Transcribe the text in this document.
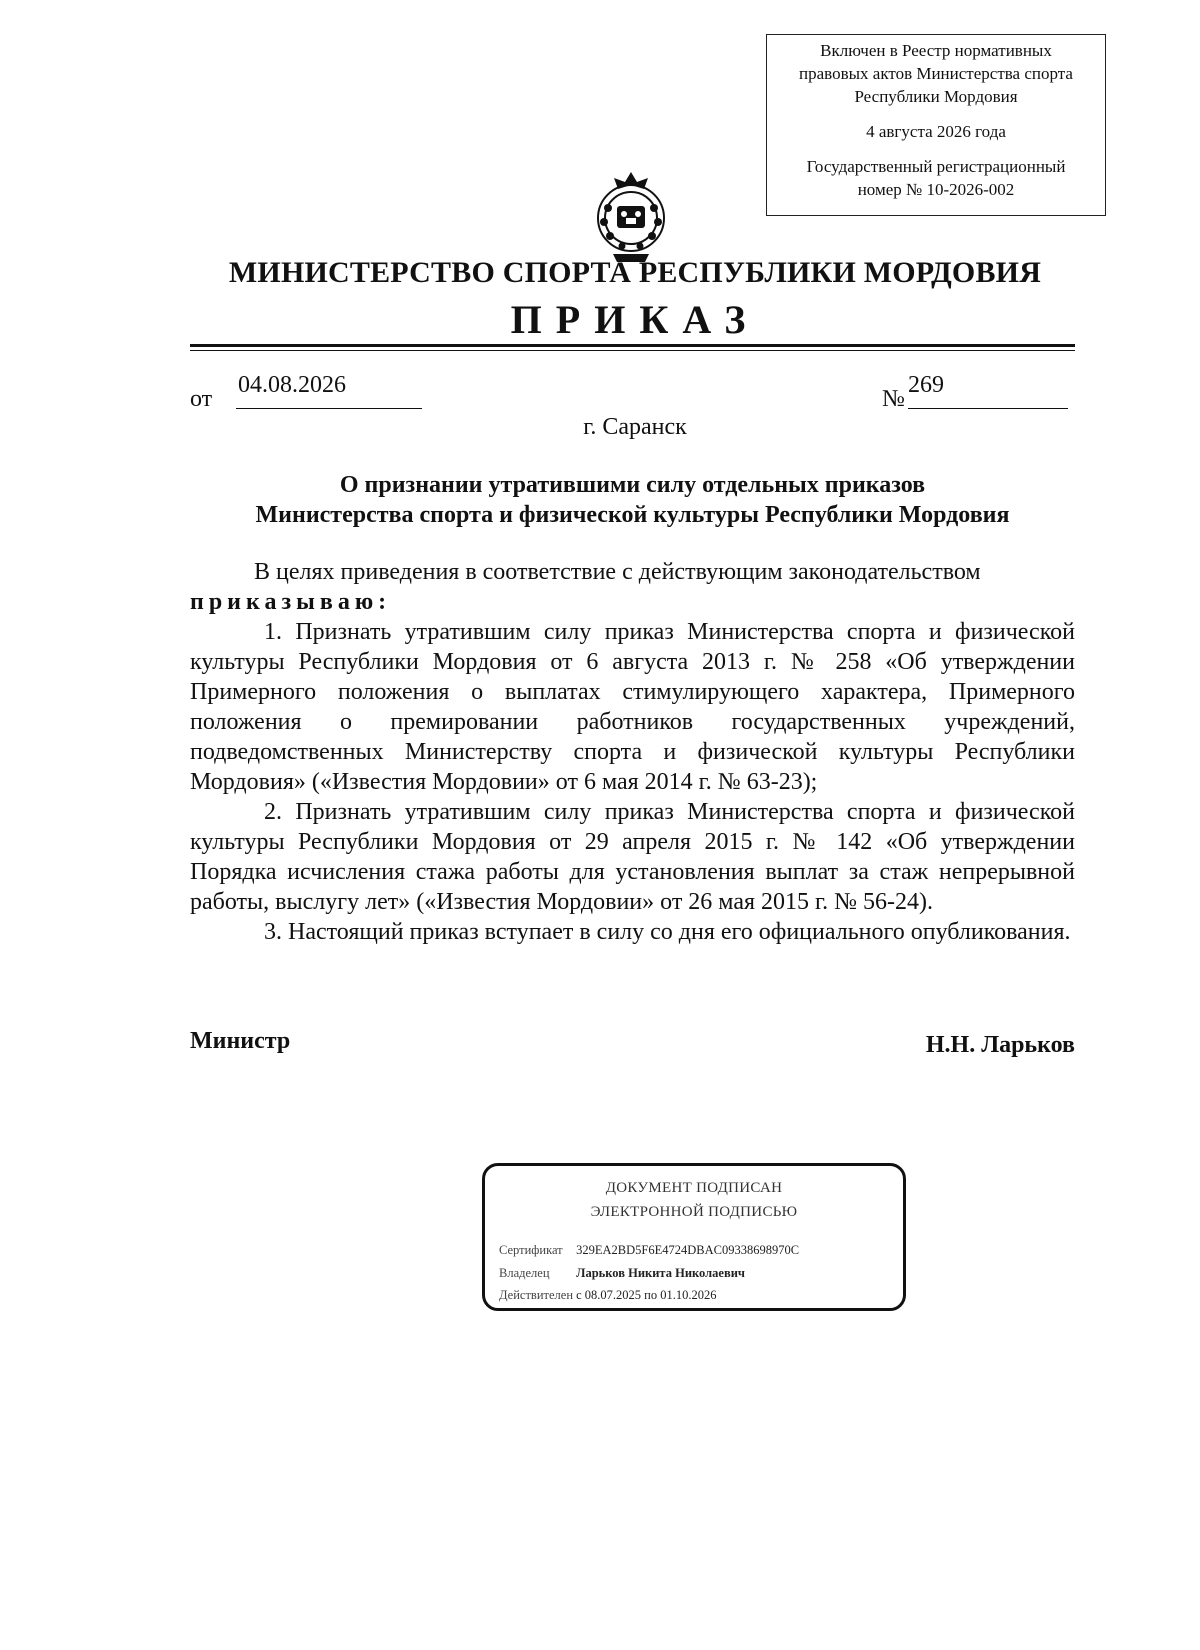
Включен в Реестр нормативных

правовых актов Министерства спорта

Республики Мордовия

4 августа 2026 года

Государственный регистрационный

номер № 10-2026-002

МИНИСТЕРСТВО СПОРТА РЕСПУБЛИКИ МОРДОВИЯ
ПРИКАЗ
от
04.08.2026
№
269
г. Саранск
О признании утратившими силу отдельных приказов
Министерства спорта и физической культуры Республики Мордовия

В целях приведения в соответствие с действующим законодательством

приказываю:

1. Признать утратившим силу приказ Министерства спорта и физической культуры Республики Мордовия от 6 августа 2013 г. № 258 «Об утверждении Примерного положения о выплатах стимулирующего характера, Примерного положения о премировании работников государственных учреждений, подведомственных Министерству спорта и физической культуры Республики Мордовия» («Известия Мордовии» от 6 мая 2014 г. № 63-23);

2. Признать утратившим силу приказ Министерства спорта и физической культуры Республики Мордовия от 29 апреля 2015 г. № 142 «Об утверждении Порядка исчисления стажа работы для установления выплат за стаж непрерывной работы, выслугу лет» («Известия Мордовии» от 26 мая 2015 г. № 56-24).

3. Настоящий приказ вступает в силу со дня его официального опубликования.

Министр	Н.Н. Ларьков
ДОКУМЕНТ ПОДПИСАН
ЭЛЕКТРОННОЙ ПОДПИСЬЮ
Сертификат 329EA2BD5F6E4724DBAC09338698970C
Владелец Ларьков Никита Николаевич
Действителен с 08.07.2025 по 01.10.2026
